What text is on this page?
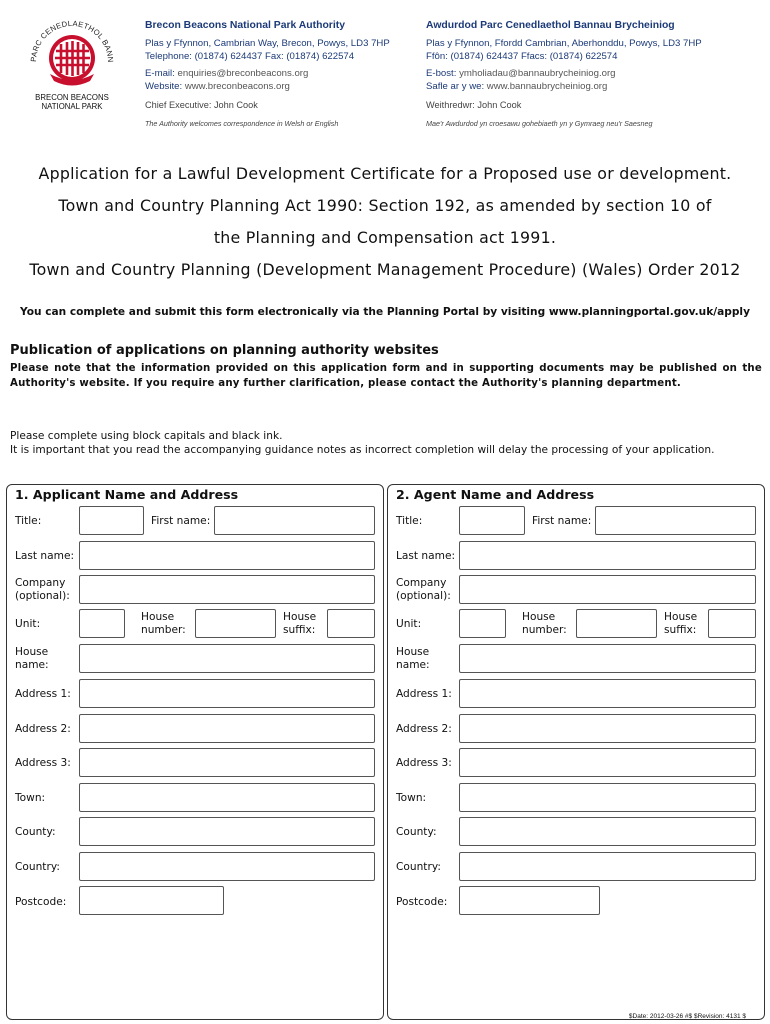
PARC CENEDLAETHOL BANN
BRECON BEACONS
NATIONAL PARK
Brecon Beacons National Park Authority
Plas y Ffynnon, Cambrian Way, Brecon, Powys, LD3 7HP
Telephone: (01874) 624437 Fax: (01874) 622574
E-mail: enquiries@breconbeacons.org
Website: www.breconbeacons.org
Chief Executive: John Cook
The Authority welcomes correspondence in Welsh or English
Awdurdod Parc Cenedlaethol Bannau Brycheiniog
Plas y Ffynnon, Ffordd Cambrian, Aberhonddu, Powys, LD3 7HP
Ffôn: (01874) 624437 Ffacs: (01874) 622574
E-bost: ymholiadau@bannaubrycheiniog.org
Safle ar y we: www.bannaubrycheiniog.org
Weithredwr: John Cook
Mae'r Awdurdod yn croesawu gohebiaeth yn y Gymraeg neu'r Saesneg
Application for a Lawful Development Certificate for a Proposed use or development.
Town and Country Planning Act 1990: Section 192, as amended by section 10 of
the Planning and Compensation act 1991.
Town and Country Planning (Development Management Procedure) (Wales) Order 2012
You can complete and submit this form electronically via the Planning Portal by visiting www.planningportal.gov.uk/apply
Publication of applications on planning authority websites
Please note that the information provided on this application form and in supporting documents may be published on the Authority's website. If you require any further clarification, please contact the Authority's planning department.
Please complete using block capitals and black ink.
It is important that you read the accompanying guidance notes as incorrect completion will delay the processing of your application.
1. Applicant Name and Address
Title:	First name:
Last name:
Company
(optional):
Unit:
House
number:
House
suffix:
House
name:
Address 1:
Address 2:
Address 3:
Town:
County:
Country:
Postcode:
2. Agent Name and Address
Title:	First name:
Last name:
Company
(optional):
Unit:
House
number:
House
suffix:
House
name:
Address 1:
Address 2:
Address 3:
Town:
County:
Country:
Postcode:
$Date: 2012-03-26 #$ $Revision: 4131 $
